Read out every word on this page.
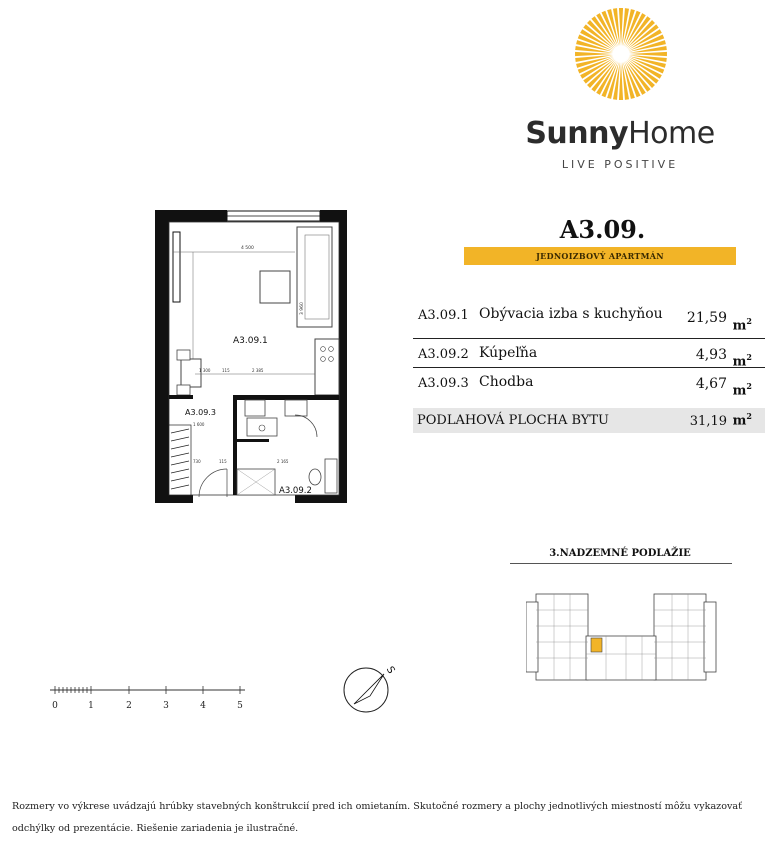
SunnyHome
LIVE POSITIVE
A3.09.
JEDNOIZBOVÝ APARTMÁN
A3.09.1 Obývacia izba s kuchyňou 21,59 $m^2$
A3.09.2 Kúpeľňa	4,93 $m^2$
A3.09.3 Chodba	4,67 $m^2$
PODLAHOVÁ PLOCHA BYTU	31,19 $m^2$
4 500
3 960
A3.09.1
1 300	115	2 385
A3.09.3
1 600
730	115	2 165
A3.09.2
3.NADZEMNÉ PODLAŽIE
0	1	2	3	4	5
S
Rozmery vo výkrese uvádzajú hrúbky stavebných konštrukcií pred ich omietaním. Skutočné rozmery a plochy jednotlivých miestností môžu vykazovať odchýlky od prezentácie. Riešenie zariadenia je ilustračné.
